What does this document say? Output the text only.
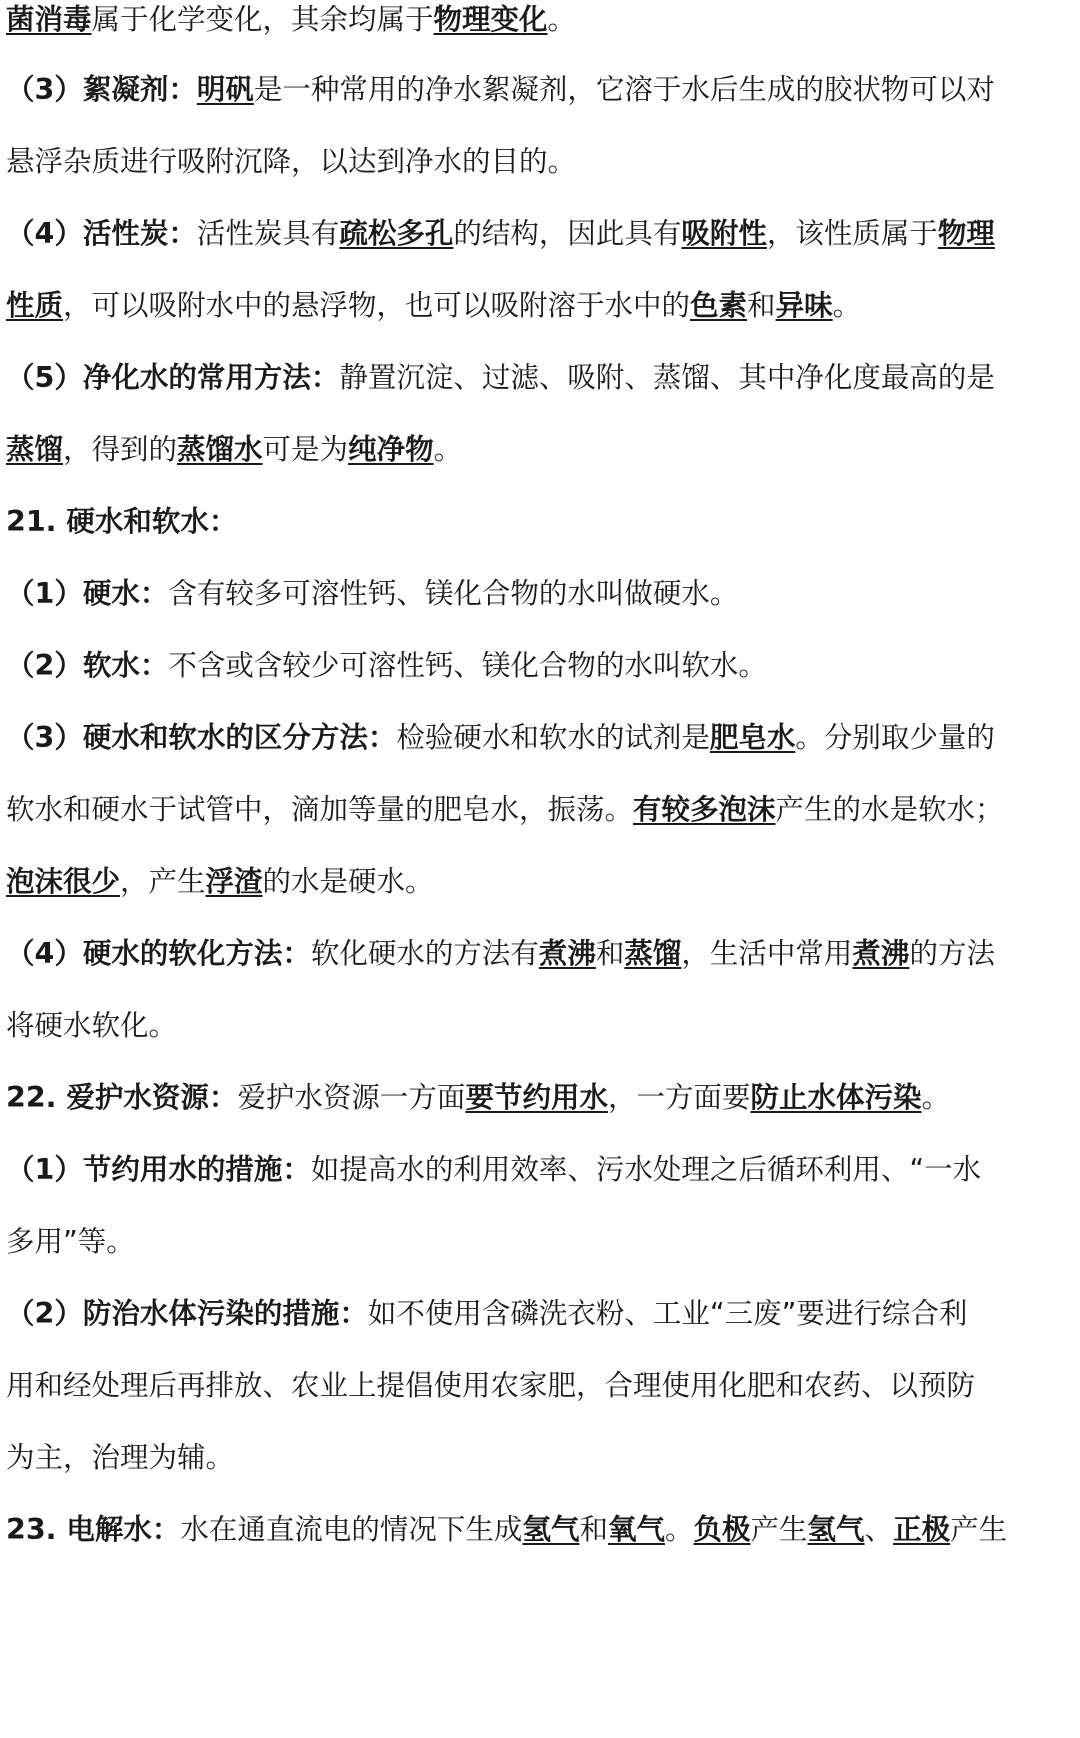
菌消毒属于化学变化，其余均属于物理变化。
（3）絮凝剂：明矾是一种常用的净水絮凝剂，它溶于水后生成的胶状物可以对
悬浮杂质进行吸附沉降，以达到净水的目的。
（4）活性炭：活性炭具有疏松多孔的结构，因此具有吸附性，该性质属于物理
性质，可以吸附水中的悬浮物，也可以吸附溶于水中的色素和异味。
（5）净化水的常用方法：静置沉淀、过滤、吸附、蒸馏、其中净化度最高的是
蒸馏，得到的蒸馏水可是为纯净物。
21. 硬水和软水：
（1）硬水：含有较多可溶性钙、镁化合物的水叫做硬水。
（2）软水：不含或含较少可溶性钙、镁化合物的水叫软水。
（3）硬水和软水的区分方法：检验硬水和软水的试剂是肥皂水。分别取少量的
软水和硬水于试管中，滴加等量的肥皂水，振荡。有较多泡沫产生的水是软水；
泡沫很少，产生浮渣的水是硬水。
（4）硬水的软化方法：软化硬水的方法有煮沸和蒸馏，生活中常用煮沸的方法
将硬水软化。
22. 爱护水资源：爱护水资源一方面要节约用水，一方面要防止水体污染。
（1）节约用水的措施：如提高水的利用效率、污水处理之后循环利用、“一水
多用”等。
（2）防治水体污染的措施：如不使用含磷洗衣粉、工业“三废”要进行综合利
用和经处理后再排放、农业上提倡使用农家肥，合理使用化肥和农药、以预防
为主，治理为辅。
23. 电解水：水在通直流电的情况下生成氢气和氧气。负极产生氢气、正极产生
